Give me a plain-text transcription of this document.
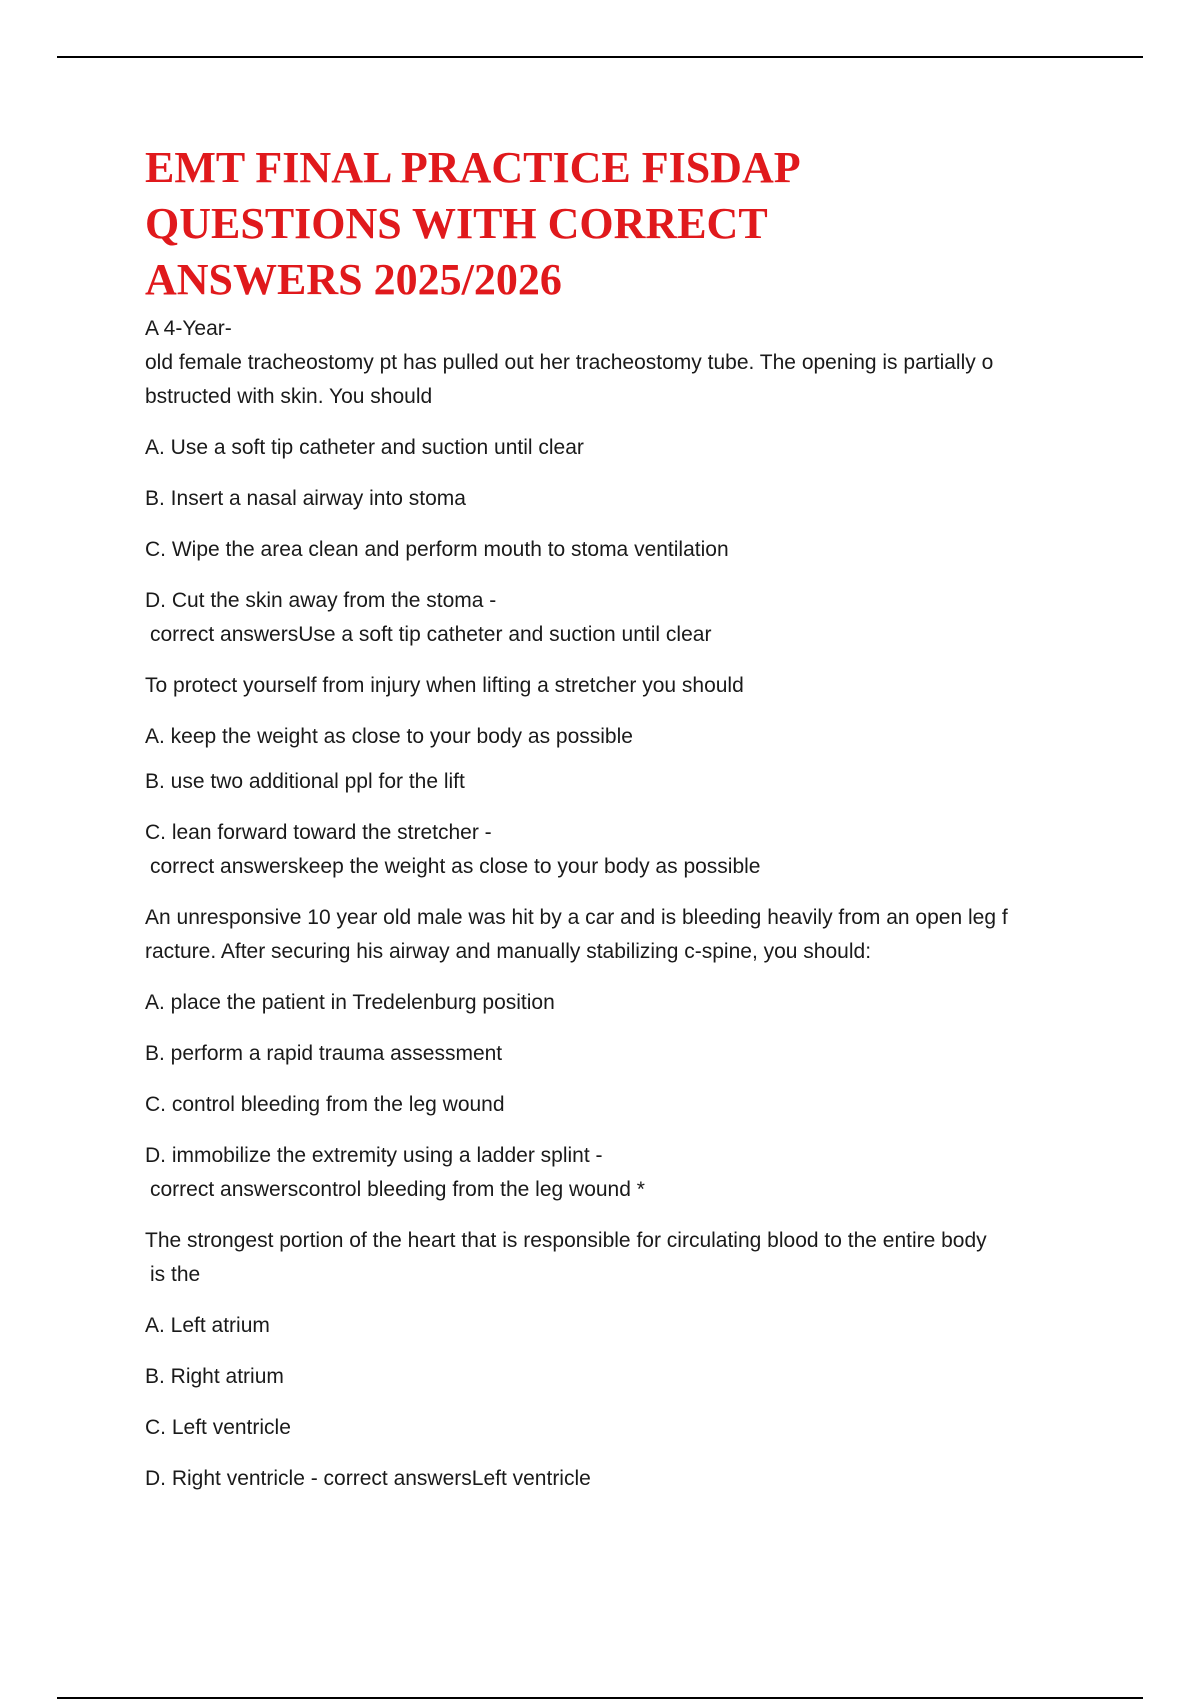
EMT FINAL PRACTICE FISDAP
QUESTIONS WITH CORRECT
ANSWERS 2025/2026

A 4-Year-
old female tracheostomy pt has pulled out her tracheostomy tube. The opening is partially o
bstructed with skin. You should

A. Use a soft tip catheter and suction until clear

B. Insert a nasal airway into stoma

C. Wipe the area clean and perform mouth to stoma ventilation

D. Cut the skin away from the stoma -
correct answersUse a soft tip catheter and suction until clear

To protect yourself from injury when lifting a stretcher you should

A. keep the weight as close to your body as possible

B. use two additional ppl for the lift

C. lean forward toward the stretcher -
correct answerskeep the weight as close to your body as possible

An unresponsive 10 year old male was hit by a car and is bleeding heavily from an open leg f
racture. After securing his airway and manually stabilizing c-spine, you should:

A. place the patient in Tredelenburg position

B. perform a rapid trauma assessment

C. control bleeding from the leg wound

D. immobilize the extremity using a ladder splint -
correct answerscontrol bleeding from the leg wound *

The strongest portion of the heart that is responsible for circulating blood to the entire body
is the

A. Left atrium

B. Right atrium

C. Left ventricle

D. Right ventricle - correct answersLeft ventricle
